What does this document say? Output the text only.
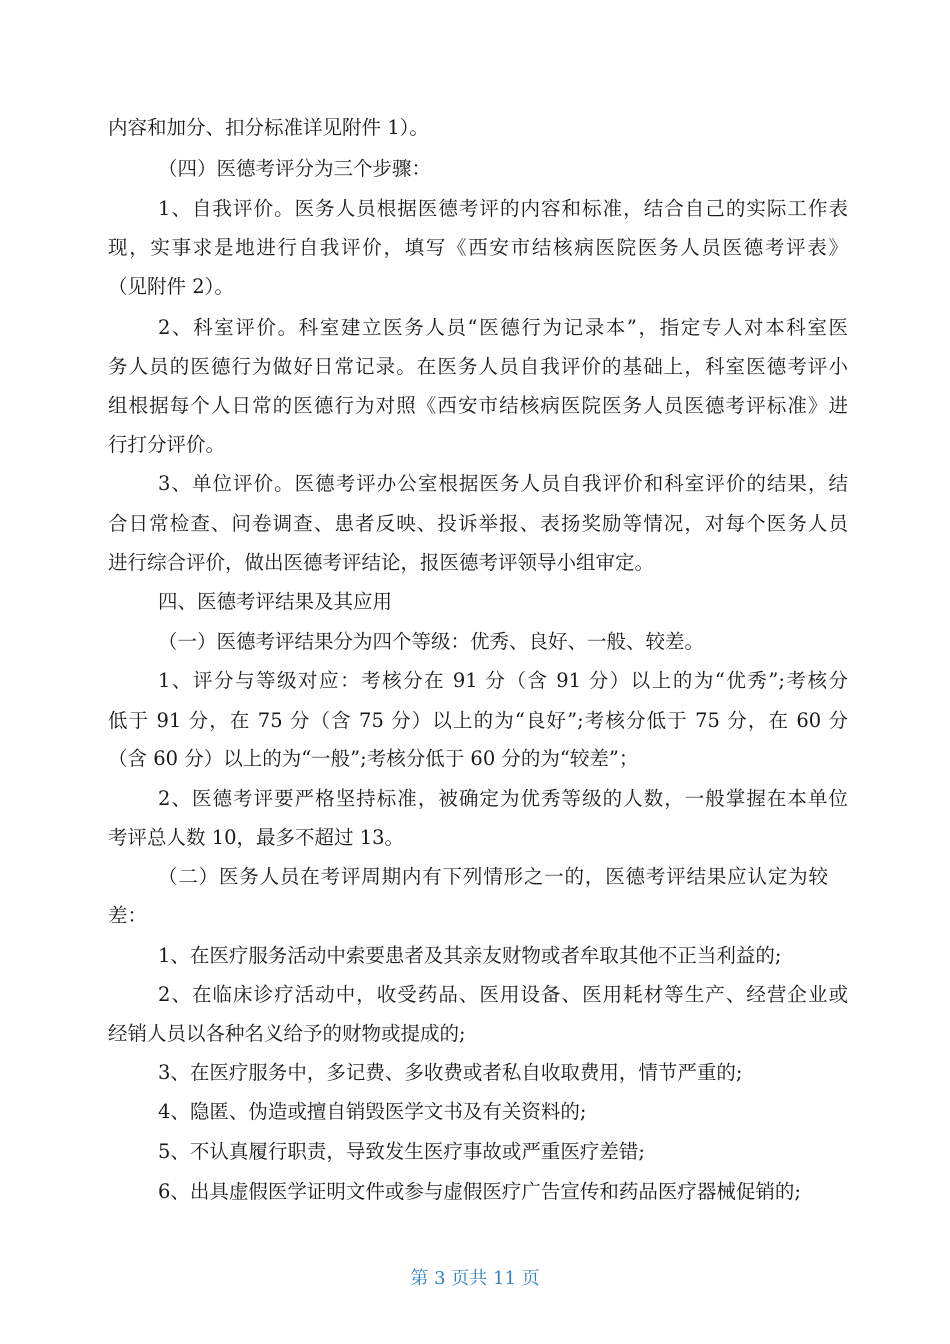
内容和加分、扣分标准详见附件 1）。
（四）医德考评分为三个步骤：
1、自我评价。医务人员根据医德考评的内容和标准，结合自己的实际工作表
现，实事求是地进行自我评价，填写《西安市结核病医院医务人员医德考评表》
（见附件 2）。
2、科室评价。科室建立医务人员“医德行为记录本”，指定专人对本科室医
务人员的医德行为做好日常记录。在医务人员自我评价的基础上，科室医德考评小
组根据每个人日常的医德行为对照《西安市结核病医院医务人员医德考评标准》进
行打分评价。
3、单位评价。医德考评办公室根据医务人员自我评价和科室评价的结果，结
合日常检查、问卷调查、患者反映、投诉举报、表扬奖励等情况，对每个医务人员
进行综合评价，做出医德考评结论，报医德考评领导小组审定。
四、医德考评结果及其应用
（一）医德考评结果分为四个等级：优秀、良好、一般、较差。
1、评分与等级对应：考核分在 91 分（含 91 分）以上的为“优秀”;考核分
低于 91 分，在 75 分（含 75 分）以上的为“良好”;考核分低于 75 分，在 60 分
（含 60 分）以上的为“一般”;考核分低于 60 分的为“较差”；
2、医德考评要严格坚持标准，被确定为优秀等级的人数，一般掌握在本单位
考评总人数 10，最多不超过 13。
（二）医务人员在考评周期内有下列情形之一的，医德考评结果应认定为较
差：
1、在医疗服务活动中索要患者及其亲友财物或者牟取其他不正当利益的;
2、在临床诊疗活动中，收受药品、医用设备、医用耗材等生产、经营企业或
经销人员以各种名义给予的财物或提成的;
3、在医疗服务中，多记费、多收费或者私自收取费用，情节严重的;
4、隐匿、伪造或擅自销毁医学文书及有关资料的;
5、不认真履行职责，导致发生医疗事故或严重医疗差错;
6、出具虚假医学证明文件或参与虚假医疗广告宣传和药品医疗器械促销的;
第 3 页共 11 页
